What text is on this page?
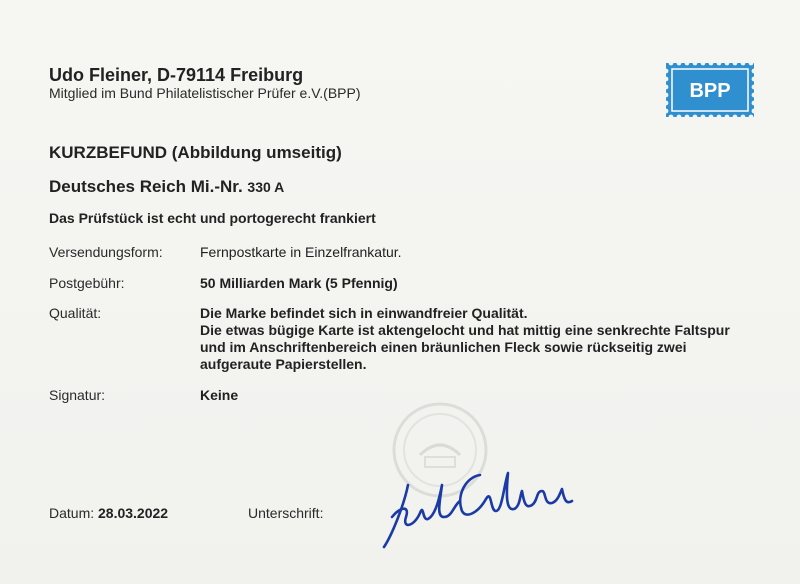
Udo Fleiner, D-79114 Freiburg
Mitglied im Bund Philatelistischer Prüfer e.V.(BPP)	BPP
KURZBEFUND (Abbildung umseitig)
Deutsches Reich Mi.-Nr. 330 A
Das Prüfstück ist echt und portogerecht frankiert
Versendungsform:	Fernpostkarte in Einzelfrankatur.
Postgebühr:	50 Milliarden Mark (5 Pfennig)
Qualität:	Die Marke befindet sich in einwandfreier Qualität.
Die etwas bügige Karte ist aktengelocht und hat mittig eine senkrechte Faltspur
und im Anschriftenbereich einen bräunlichen Fleck sowie rückseitig zwei
aufgeraute Papierstellen.
Signatur:	Keine
Datum: 28.03.2022	Unterschrift:
